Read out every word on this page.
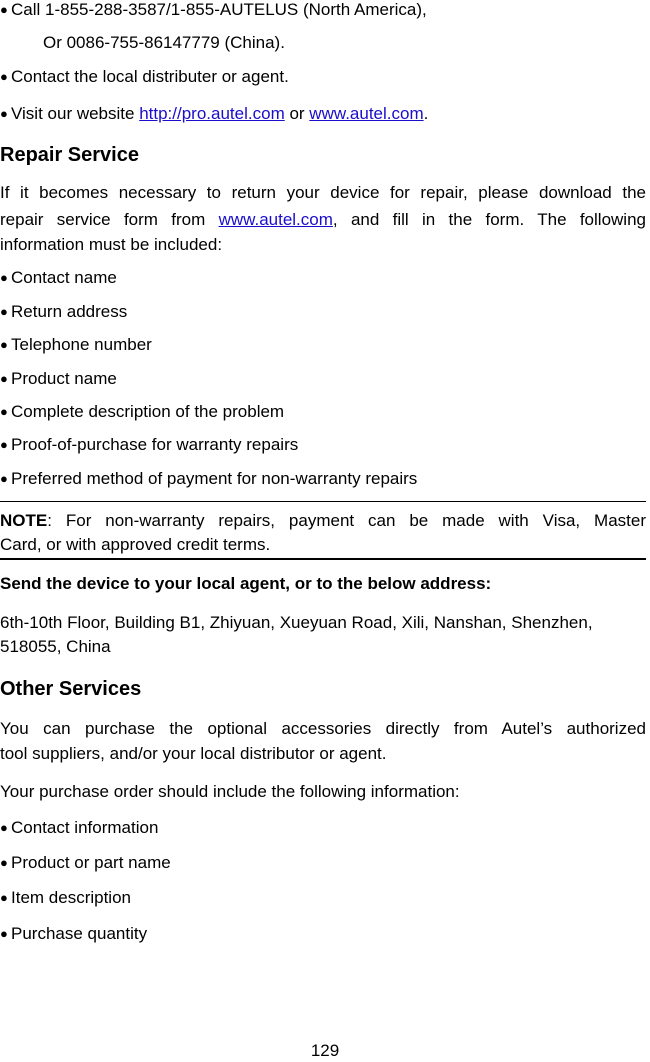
● Call 1-855-288-3587/1-855-AUTELUS (North America),
Or 0086-755-86147779 (China).
● Contact the local distributer or agent.
● Visit our website http://pro.autel.com or www.autel.com.
Repair Service
If it becomes necessary to return your device for repair, please download the
repair service form from www.autel.com, and fill in the form. The following
information must be included:
● Contact name
● Return address
● Telephone number
● Product name
● Complete description of the problem
● Proof-of-purchase for warranty repairs
● Preferred method of payment for non-warranty repairs
NOTE: For non-warranty repairs, payment can be made with Visa, Master
Card, or with approved credit terms.
Send the device to your local agent, or to the below address:
6th-10th Floor, Building B1, Zhiyuan, Xueyuan Road, Xili, Nanshan, Shenzhen,
518055, China
Other Services
You can purchase the optional accessories directly from Autel’s authorized
tool suppliers, and/or your local distributor or agent.
Your purchase order should include the following information:
● Contact information
● Product or part name
● Item description
● Purchase quantity
129
